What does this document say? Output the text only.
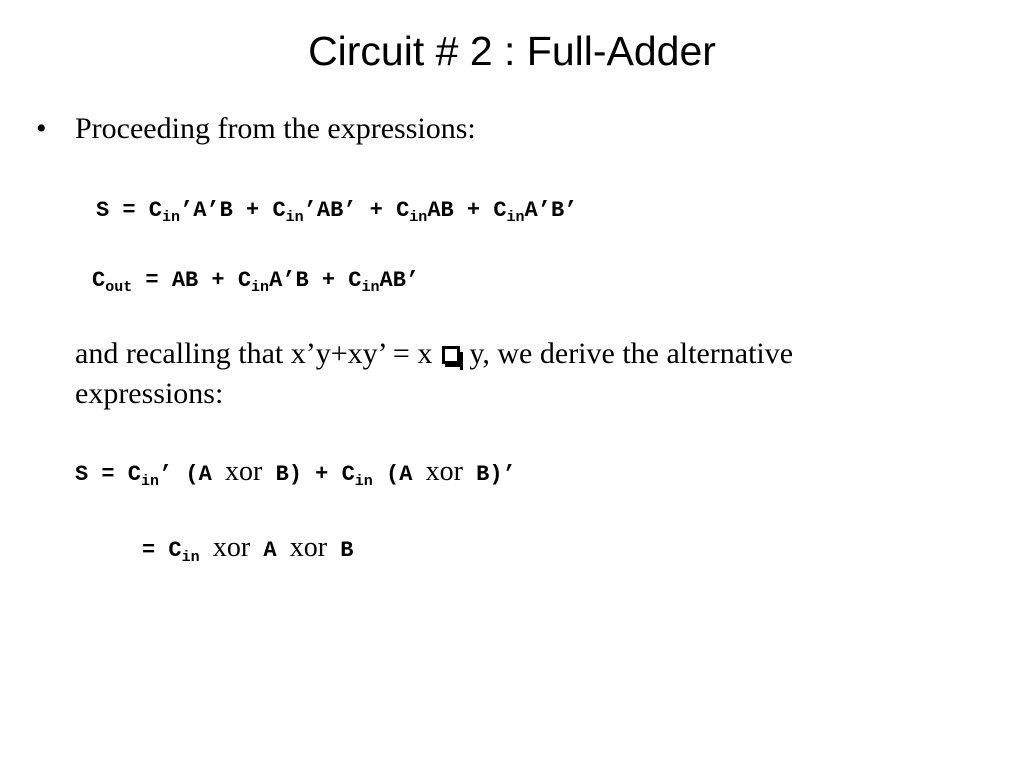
Circuit # 2 : Full-Adder
• Proceeding from the expressions:
$S = C_{in}’A’B$ + $C_{in}’AB$’ + $C_{in}AB$ + $C_{in}A’B$’
$C_{out}$ = AB + $C_{in}A’B + C_{in}AB$’
and recalling that x’y+xy’ = x y, we derive the alternative
expressions:
$S = C_{in}$’ (A xor $B) + C_{in}$ (A xor B)’
= $C_{in}$ xor A xor B
